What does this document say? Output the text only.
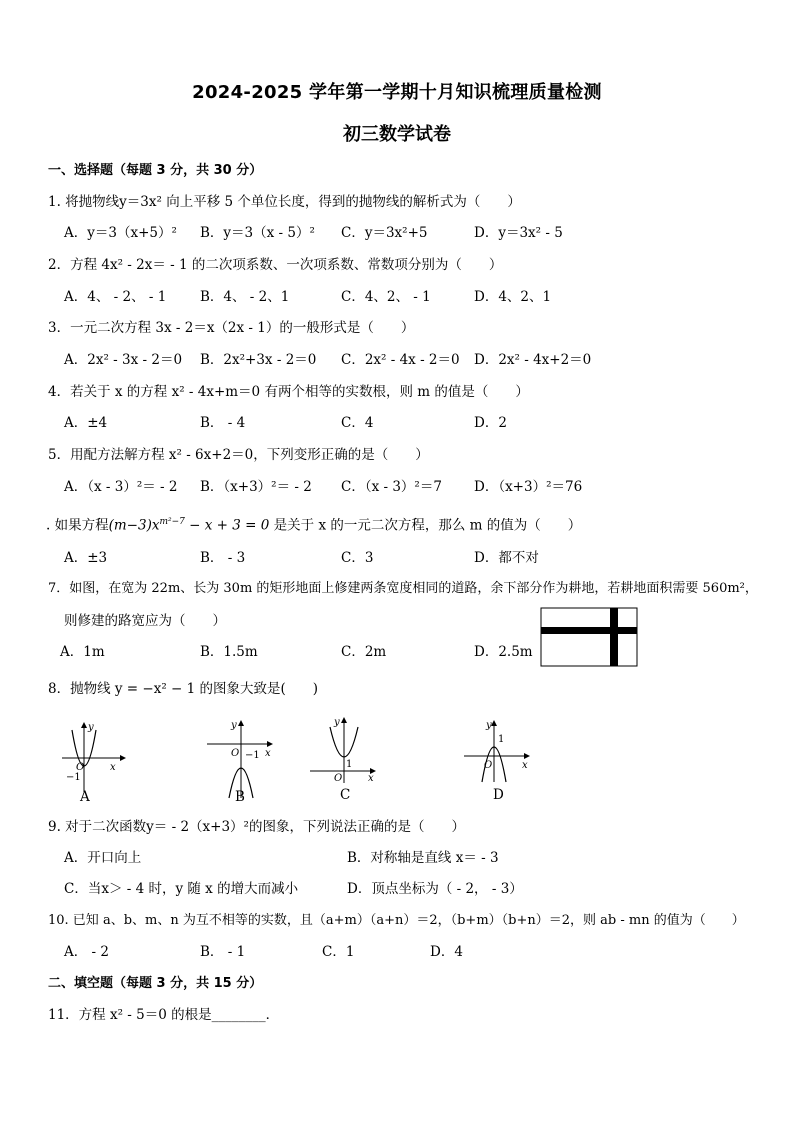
2024-2025 学年第一学期十月知识梳理质量检测
初三数学试卷
一、选择题（每题 3 分，共 30 分）
1. 将抛物线y＝3x² 向上平移 5 个单位长度，得到的抛物线的解析式为（　　）
A．y＝3（x+5）² B．y＝3（x - 5）² C．y＝3x²+5	D．y＝3x² - 5
2．方程 4x² - 2x＝ - 1 的二次项系数、一次项系数、常数项分别为（　　）
A．4、 - 2、 - 1 B．4、 - 2、1	C．4、2、 - 1	D．4、2、1
3．一元二次方程 3x - 2＝x（2x - 1）的一般形式是（　　）
A．2x² - 3x - 2＝0 B．2x²+3x - 2＝0 C．2x² - 4x - 2＝0 D．2x² - 4x+2＝0
4．若关于 x 的方程 x² - 4x+m＝0 有两个相等的实数根，则 m 的值是（　　）
A．±4	B． - 4	C．4	D．2
5．用配方法解方程 x² - 6x+2＝0，下列变形正确的是（　　）
A．（x - 3）²＝ - 2 B．（x+3）²＝ - 2 C．（x - 3）²＝7 D．（x+3）²＝76
. 如果方程$(m-3)x^{m^2-7} - x + 3 = 0$ 是关于 x 的一元二次方程，那么 m 的值为（　　）
A．±3	B． - 3	C．3	D．都不对
7．如图，在宽为 22m、长为 30m 的矩形地面上修建两条宽度相同的道路，余下部分作为耕地，若耕地面积需要 560m²，
则修建的路宽应为（　　）
A．1m	B．1.5m	C．2m	D．2.5m
8．抛物线 y = −x² − 1 的图象大致是(　　)
y
x
O
−1
A
y
x
O −1
B
y
x
O
1
C
y
x
O
1
D
9. 对于二次函数y＝ - 2（x+3）²的图象，下列说法正确的是（　　）
A．开口向上	B．对称轴是直线 x＝ - 3
C．当x＞ - 4 时，y 随 x 的增大而减小	D．顶点坐标为（ - 2， - 3）
10. 已知 a、b、m、n 为互不相等的实数，且（a+m）（a+n）＝2，（b+m）（b+n）＝2，则 ab - mn 的值为（　　）
A． - 2	B． - 1	C．1	D．4
二、填空题（每题 3 分，共 15 分）
11．方程 x² - 5＝0 的根是________．
